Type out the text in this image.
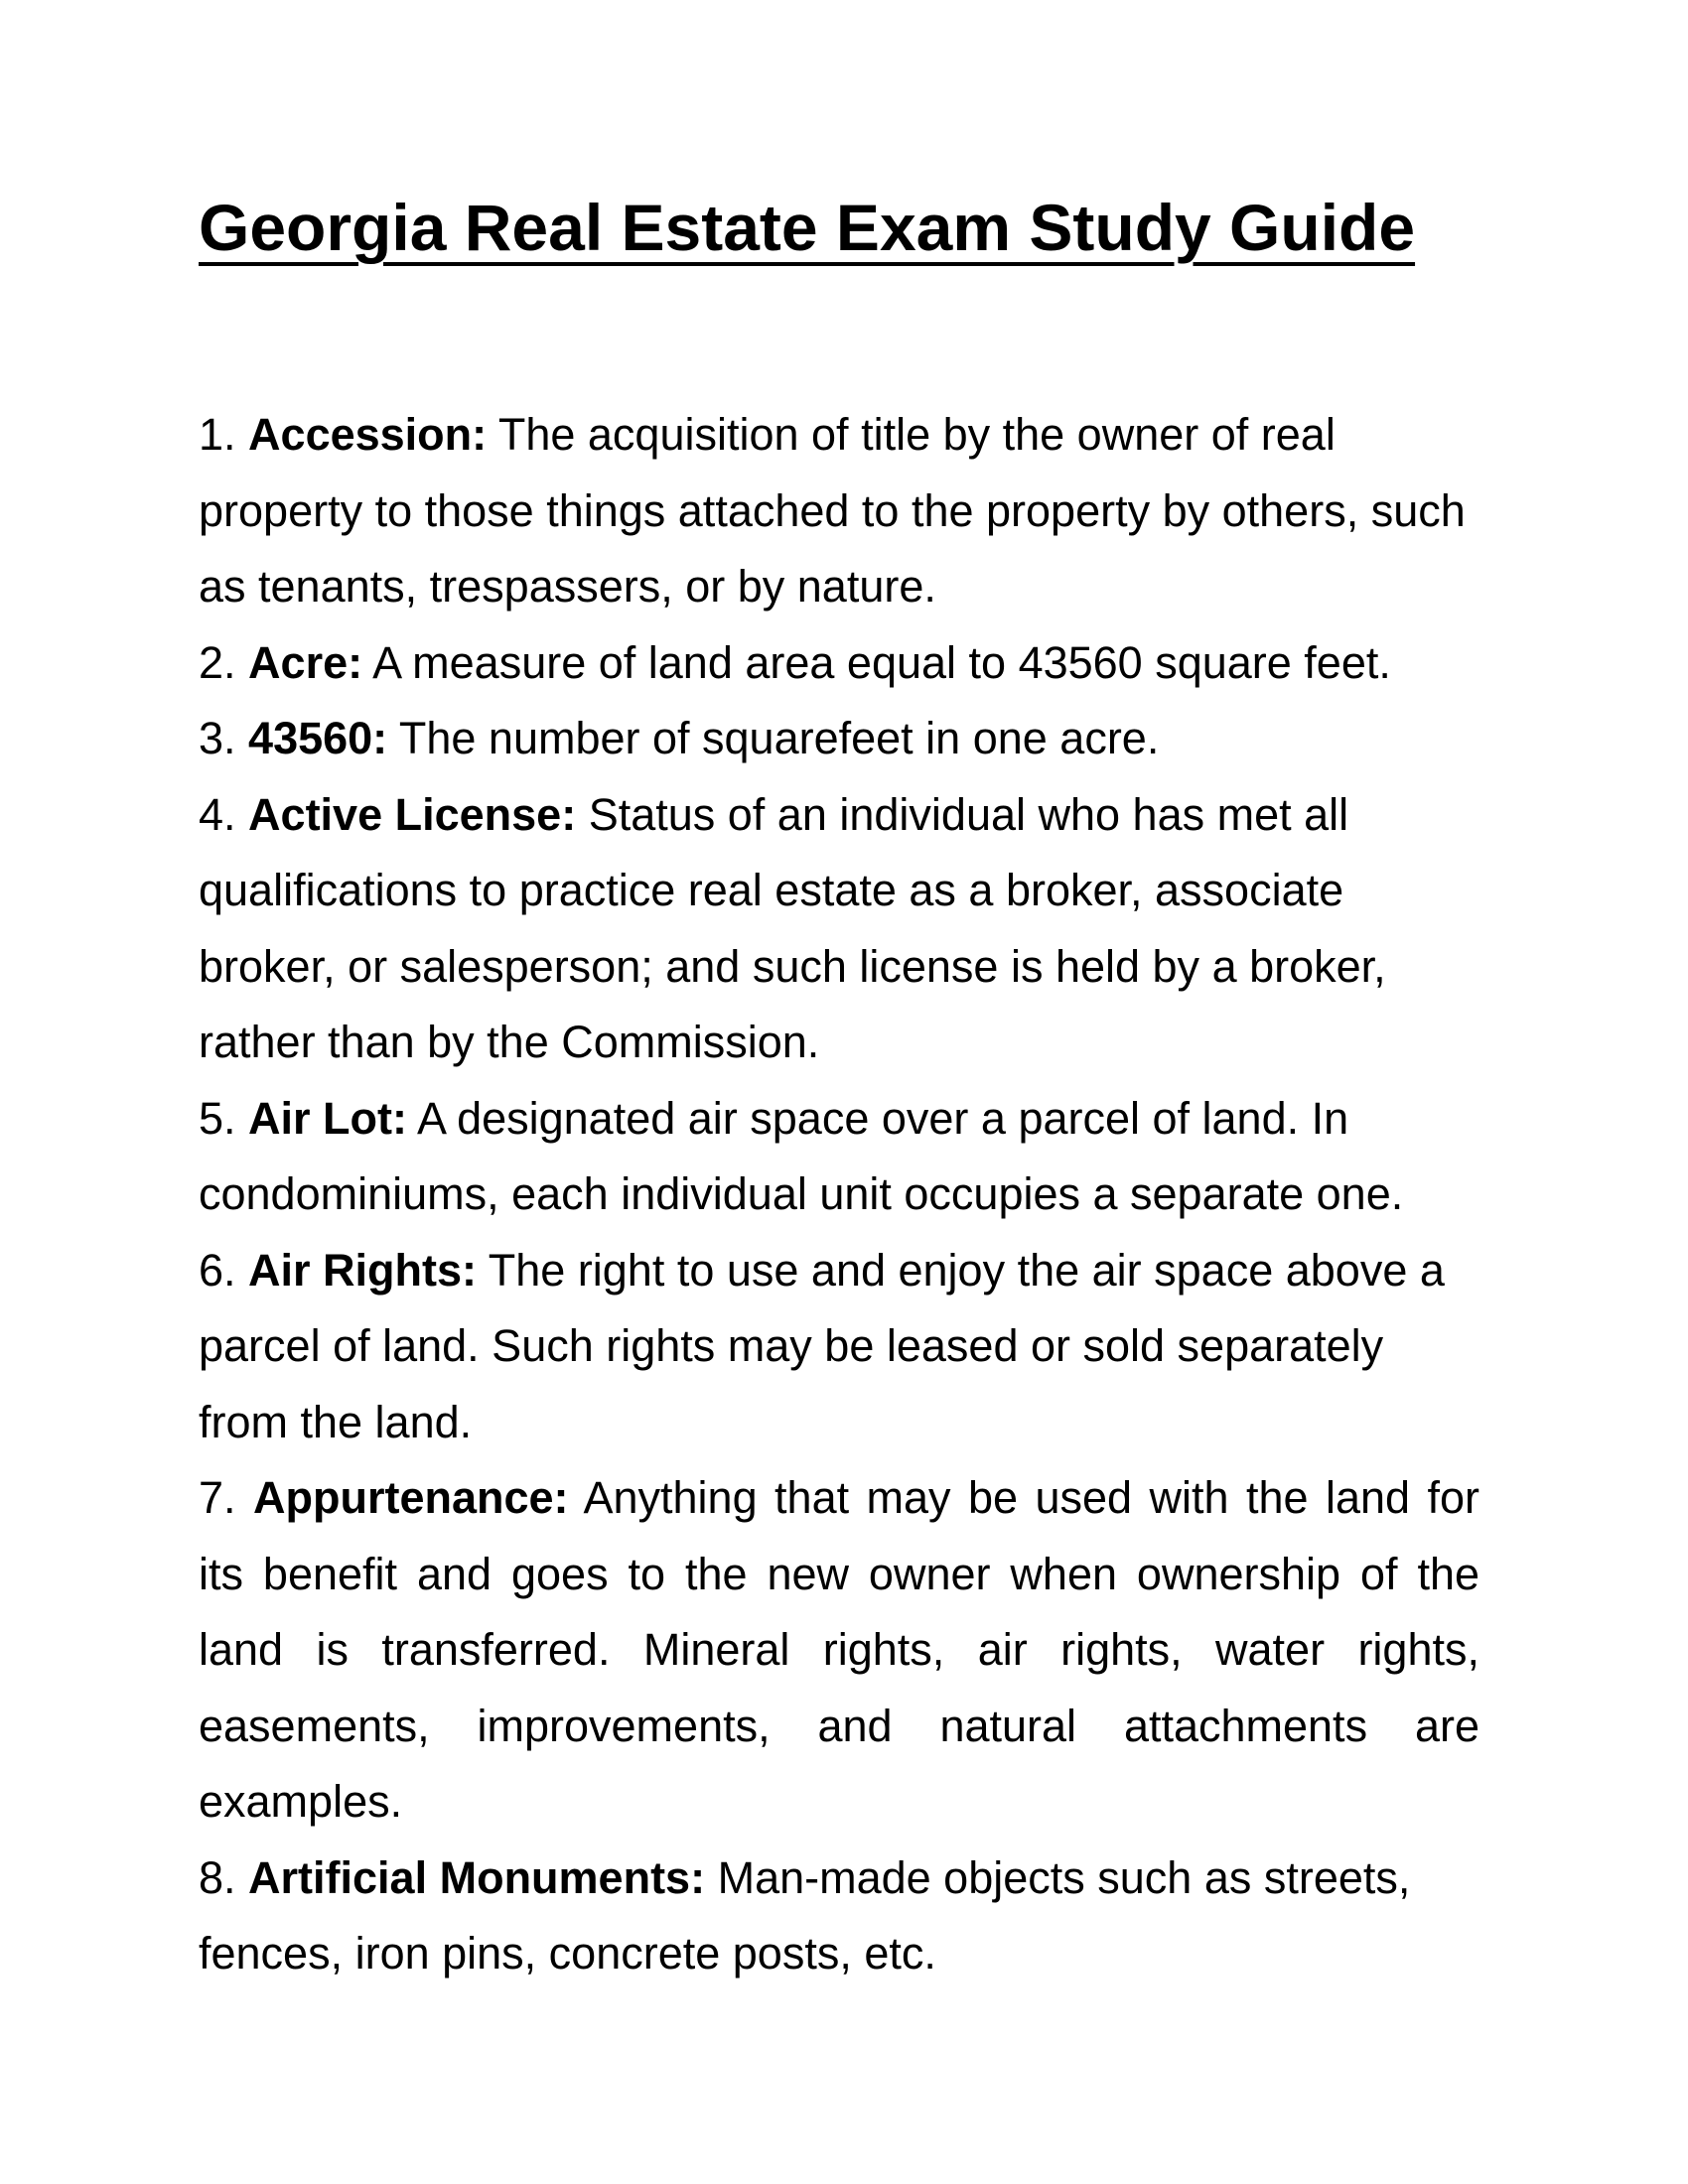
Georgia Real Estate Exam Study Guide
1. Accession: The acquisition of title by the owner of real property to those things attached to the property by others, such as tenants, trespassers, or by nature.
2. Acre: A measure of land area equal to 43560 square feet.
3. 43560: The number of squarefeet in one acre.
4. Active License: Status of an individual who has met all qualifications to practice real estate as a broker, associate broker, or salesperson; and such license is held by a broker, rather than by the Commission.
5. Air Lot: A designated air space over a parcel of land. In condominiums, each individual unit occupies a separate one.
6. Air Rights: The right to use and enjoy the air space above a parcel of land. Such rights may be leased or sold separately from the land.
7. Appurtenance: Anything that may be used with the land for its benefit and goes to the new owner when ownership of the land is transferred. Mineral rights, air rights, water rights, easements, improvements, and natural attachments are examples.
8. Artificial Monuments: Man-made objects such as streets, fences, iron pins, concrete posts, etc.
